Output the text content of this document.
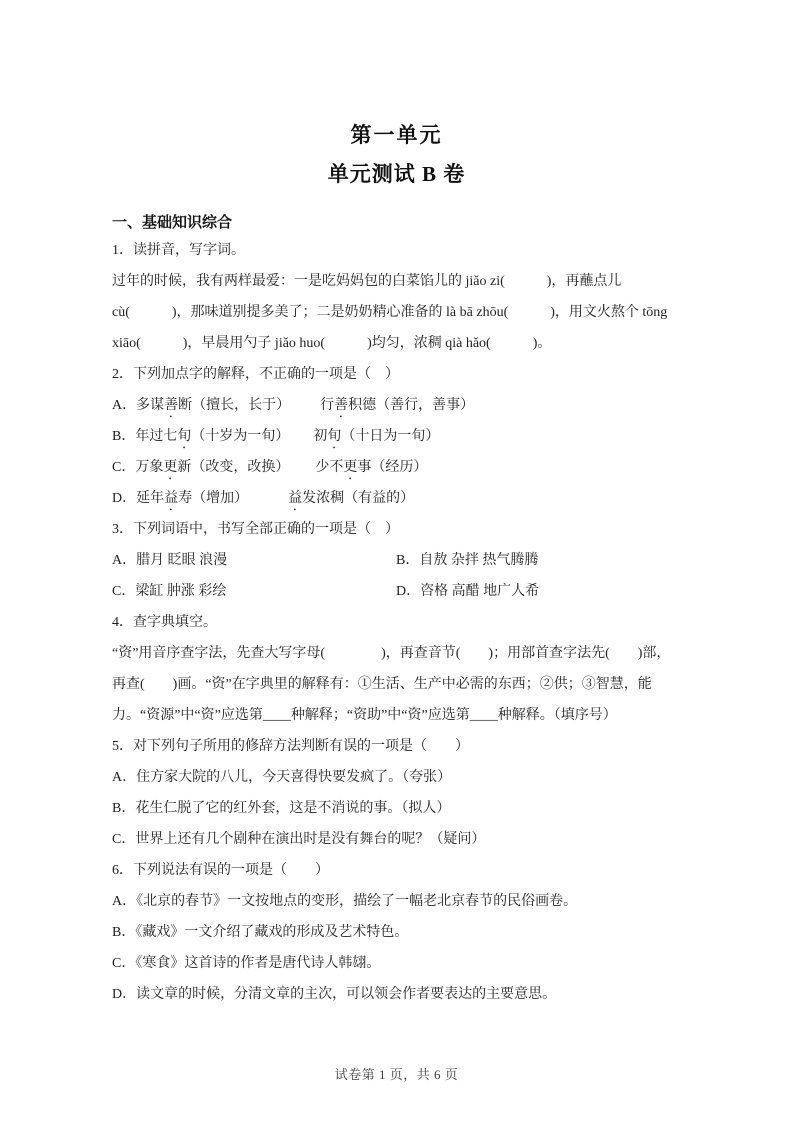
第一单元
单元测试 B 卷
一、基础知识综合
1．读拼音，写字词。
过年的时候，我有两样最爱：一是吃妈妈包的白菜馅儿的 jiǎo zi(　　　)，再蘸点儿
cù(　　　)，那味道别提多美了；二是奶奶精心准备的 là bā zhōu(　　　)，用文火熬个 tōng
xiāo(　　　)，早晨用勺子 jiǎo huo(　　　)均匀，浓稠 qià hǎo(　　　)。
2．下列加点字的解释，不正确的一项是（　）
A．多谋善断（擅长，长于） 行善积德（善行，善事）
B．年过七旬（十岁为一旬） 初旬（十日为一旬）
C．万象更新（改变，改换） 少不更事（经历）
D．延年益寿（增加）	益发浓稠（有益的）
3．下列词语中，书写全部正确的一项是（　）
A．腊月 眨眼 浪漫	B．自敖 杂拌 热气腾腾
C．梁缸 肿涨 彩绘	D．咨格 高醋 地广人希
4．查字典填空。
“资”用音序查字法，先查大写字母(　　　　)，再查音节(　　)；用部首查字法先(　　)部，
再查(　　)画。“资”在字典里的解释有：①生活、生产中必需的东西；②供；③智慧，能
力。“资源”中“资”应选第____种解释；“资助”中“资”应选第____种解释。（填序号）
5．对下列句子所用的修辞方法判断有误的一项是（　　）
A．住方家大院的八儿，今天喜得快要发疯了。（夸张）
B．花生仁脱了它的红外套，这是不消说的事。（拟人）
C．世界上还有几个剧种在演出时是没有舞台的呢？（疑问）
6．下列说法有误的一项是（　　）
A．《北京的春节》一文按地点的变形，描绘了一幅老北京春节的民俗画卷。
B．《藏戏》一文介绍了藏戏的形成及艺术特色。
C．《寒食》这首诗的作者是唐代诗人韩翃。
D．读文章的时候，分清文章的主次，可以领会作者要表达的主要意思。
试卷第 1 页，共 6 页
